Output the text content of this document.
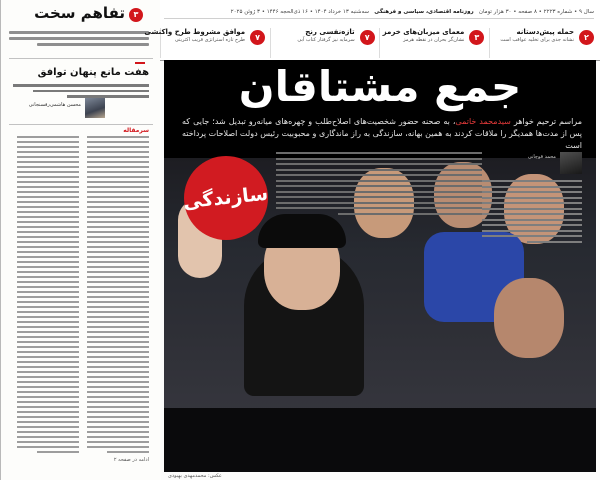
۳
تفاهم سخت
هفت مانع پنهان توافق
محسن هاشمی‌رفسنجانی
سرمقاله
ادامه در صفحه ۲
سال ۹ • شماره ۲۲۲۳ • ۸ صفحه • ۳۰ هزار تومان   روزنامه اقتصادی، سیاسی و فرهنگی   سه‌شنبه ۱۳ خرداد ۱۴۰۴ • ۱۶ ذی‌الحجه ۱۴۴۶ • ۳ ژوئن ۲۰۲۵
۲
حمله پیش‌دستانه
نشانه جدی برای تخلیه عواقب است
۳
معمای میزبان‌های خرمز
نشان‌گر بحران در نقطه هرمز
۷
تازه‌نفسی رنج
سرمایه نیز گرفتار کتاب آبی
۷
موافق مشروط طرح واکنشی
طرح تازه استراتژی قریب اکثریتی
جمع مشتاقان
مراسم ترحیم خواهر سیدمحمد خاتمی، به صحنه حضور شخصیت‌های اصلاح‌طلب و چهره‌های میانه‌رو تبدیل شد؛ جایی که پس از مدت‌ها همدیگر را ملاقات کردند به همین بهانه، سازندگی به راز ماندگاری و محبوبیت رئیس دولت اصلاحات پرداخته است
سازندگی
محمد قوچانی
عکس: محمدمهدی بهبودی
